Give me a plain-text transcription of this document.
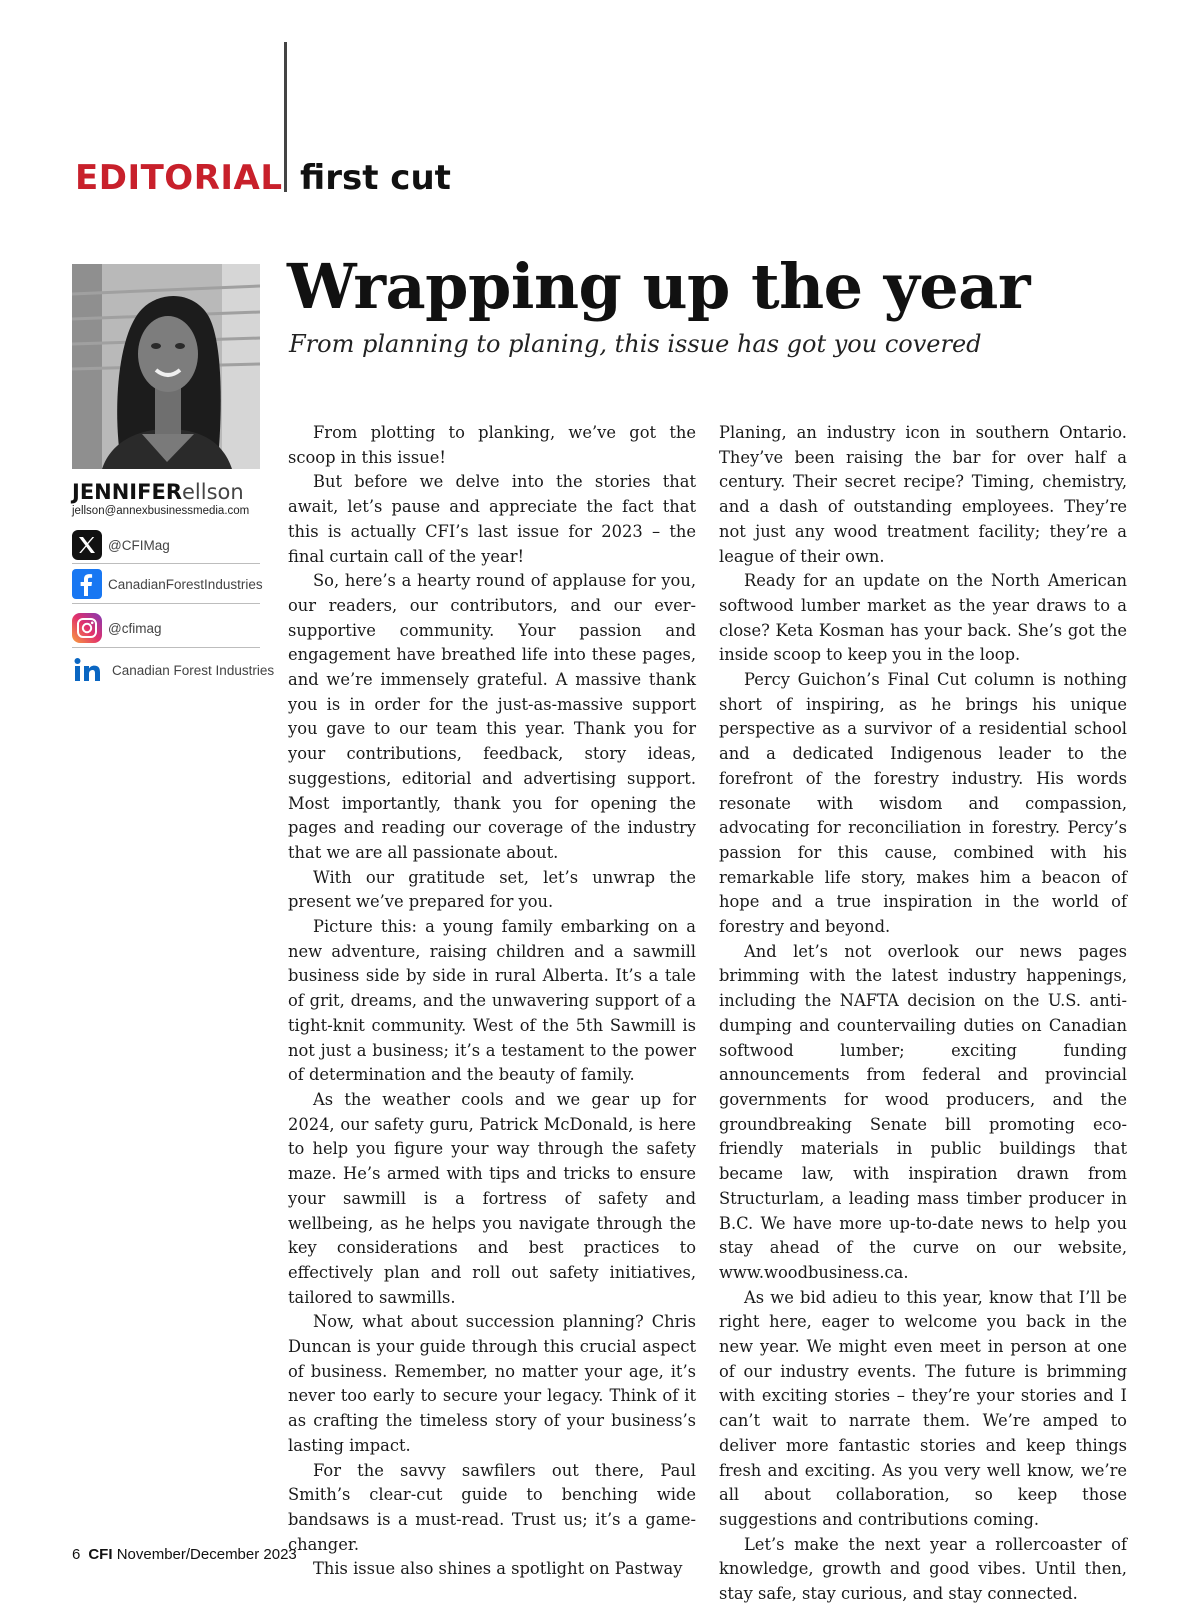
EDITORIAL first cut
Wrapping up the year
From planning to planing, this issue has got you covered
JENNIFERellson
jellson@annexbusinessmedia.com
@CFIMag
CanadianForestIndustries
@cfimag
Canadian Forest Industries

From plotting to planking, we’ve got the scoop in this issue!

But before we delve into the stories that await, let’s pause and appreciate the fact that this is actually CFI’s last issue for 2023 – the final curtain call of the year!

So, here’s a hearty round of applause for you, our readers, our contributors, and our ever-supportive community. Your passion and engagement have breathed life into these pages, and we’re immensely grateful. A massive thank you is in order for the just-as-massive support you gave to our team this year. Thank you for your contributions, feedback, story ideas, suggestions, editorial and advertising support. Most importantly, thank you for opening the pages and reading our coverage of the industry that we are all passionate about.

With our gratitude set, let’s unwrap the present we’ve prepared for you.

Picture this: a young family embarking on a new adventure, raising children and a sawmill business side by side in rural Alberta. It’s a tale of grit, dreams, and the unwavering support of a tight-knit community. West of the 5th Sawmill is not just a business; it’s a testament to the power of determination and the beauty of family.

As the weather cools and we gear up for 2024, our safety guru, Patrick McDonald, is here to help you figure your way through the safety maze. He’s armed with tips and tricks to ensure your sawmill is a fortress of safety and wellbeing, as he helps you navigate through the key considerations and best practices to effectively plan and roll out safety initiatives, tailored to sawmills.

Now, what about succession planning? Chris Duncan is your guide through this crucial aspect of business. Remember, no matter your age, it’s never too early to secure your legacy. Think of it as crafting the timeless story of your business’s lasting impact.

For the savvy sawfilers out there, Paul Smith’s clear-cut guide to benching wide bandsaws is a must-read. Trust us; it’s a game-changer.

This issue also shines a spotlight on Pastway

Planing, an industry icon in southern Ontario. They’ve been raising the bar for over half a century. Their secret recipe? Timing, chemistry, and a dash of outstanding employees. They’re not just any wood treatment facility; they’re a league of their own.

Ready for an update on the North American softwood lumber market as the year draws to a close? Keta Kosman has your back. She’s got the inside scoop to keep you in the loop.

Percy Guichon’s Final Cut column is nothing short of inspiring, as he brings his unique perspective as a survivor of a residential school and a dedicated Indigenous leader to the forefront of the forestry industry. His words resonate with wisdom and compassion, advocating for reconciliation in forestry. Percy’s passion for this cause, combined with his remarkable life story, makes him a beacon of hope and a true inspiration in the world of forestry and beyond.

And let’s not overlook our news pages brimming with the latest industry happenings, including the NAFTA decision on the U.S. anti-dumping and countervailing duties on Canadian softwood lumber; exciting funding announcements from federal and provincial governments for wood producers, and the groundbreaking Senate bill promoting eco-friendly materials in public buildings that became law, with inspiration drawn from Structurlam, a leading mass timber producer in B.C. We have more up-to-date news to help you stay ahead of the curve on our website, www.woodbusiness.ca.

As we bid adieu to this year, know that I’ll be right here, eager to welcome you back in the new year. We might even meet in person at one of our industry events. The future is brimming with exciting stories – they’re your stories and I can’t wait to narrate them. We’re amped to deliver more fantastic stories and keep things fresh and exciting. As you very well know, we’re all about collaboration, so keep those suggestions and contributions coming.

Let’s make the next year a rollercoaster of knowledge, growth and good vibes. Until then, stay safe, stay curious, and stay connected.

6 CFI November/December 2023
